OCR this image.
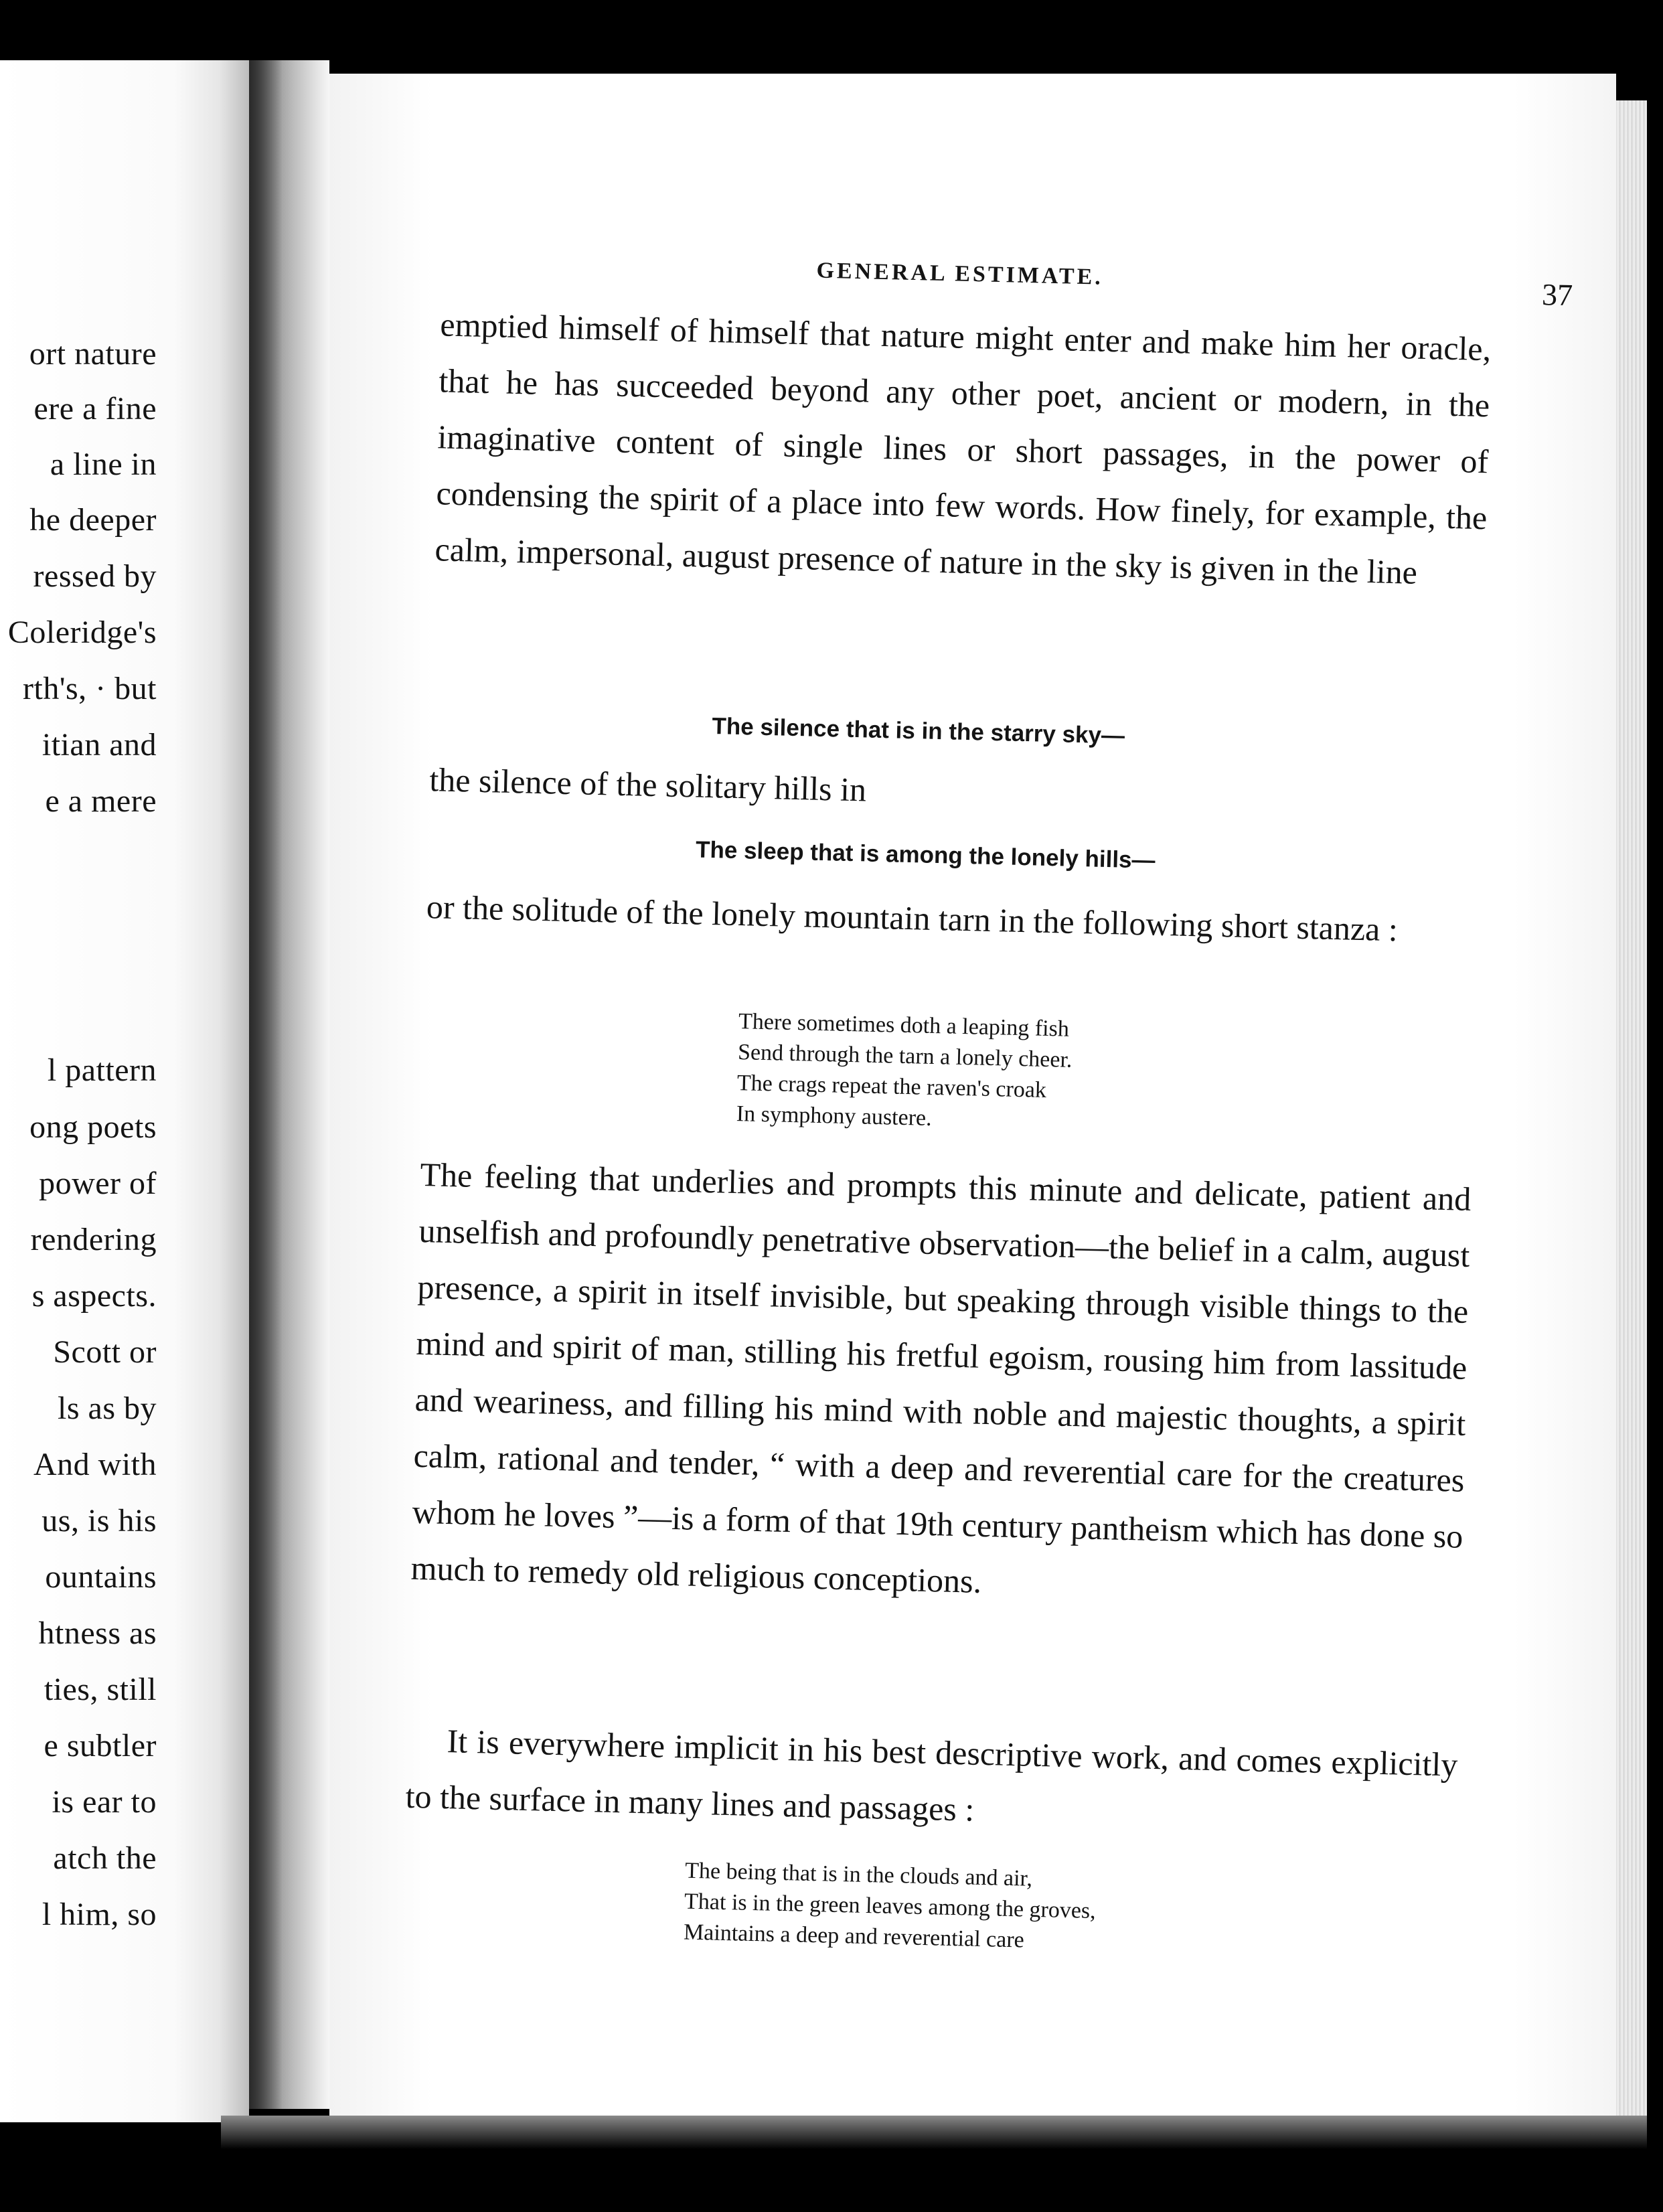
ort nature
ere a fine
a line in
he deeper
ressed by
Coleridge's
rth's, · but
itian and
e a mere
l pattern
ong poets
power of
rendering
s aspects.
Scott or
ls as by
And with
us, is his
ountains
htness as
ties, still
e subtler
is ear to
atch the
l him, so
GENERAL ESTIMATE.
37

emptied himself of himself that nature might enter and make him her oracle, that he has succeeded beyond any other poet, ancient or modern, in the imaginative content of single lines or short passages, in the power of condensing the spirit of a place into few words. How finely, for example, the calm, impersonal, august presence of nature in the sky is given in the line

The silence that is in the starry sky—
the silence of the solitary hills in
The sleep that is among the lonely hills—

or the solitude of the lonely mountain tarn in the following short stanza :

There sometimes doth a leaping fish
Send through the tarn a lonely cheer.
The crags repeat the raven's croak
In symphony austere.

The feeling that underlies and prompts this minute and delicate, patient and unselfish and profoundly penetrative observation—the belief in a calm, august presence, a spirit in itself invisible, but speaking through visible things to the mind and spirit of man, stilling his fretful egoism, rousing him from lassitude and weariness, and filling his mind with noble and majestic thoughts, a spirit calm, rational and tender, “ with a deep and reverential care for the creatures whom he loves ”—is a form of that 19th century pantheism which has done so much to remedy old religious conceptions.

It is everywhere implicit in his best descriptive work, and comes explicitly to the surface in many lines and passages :

The being that is in the clouds and air,
That is in the green leaves among the groves,
Maintains a deep and reverential care
